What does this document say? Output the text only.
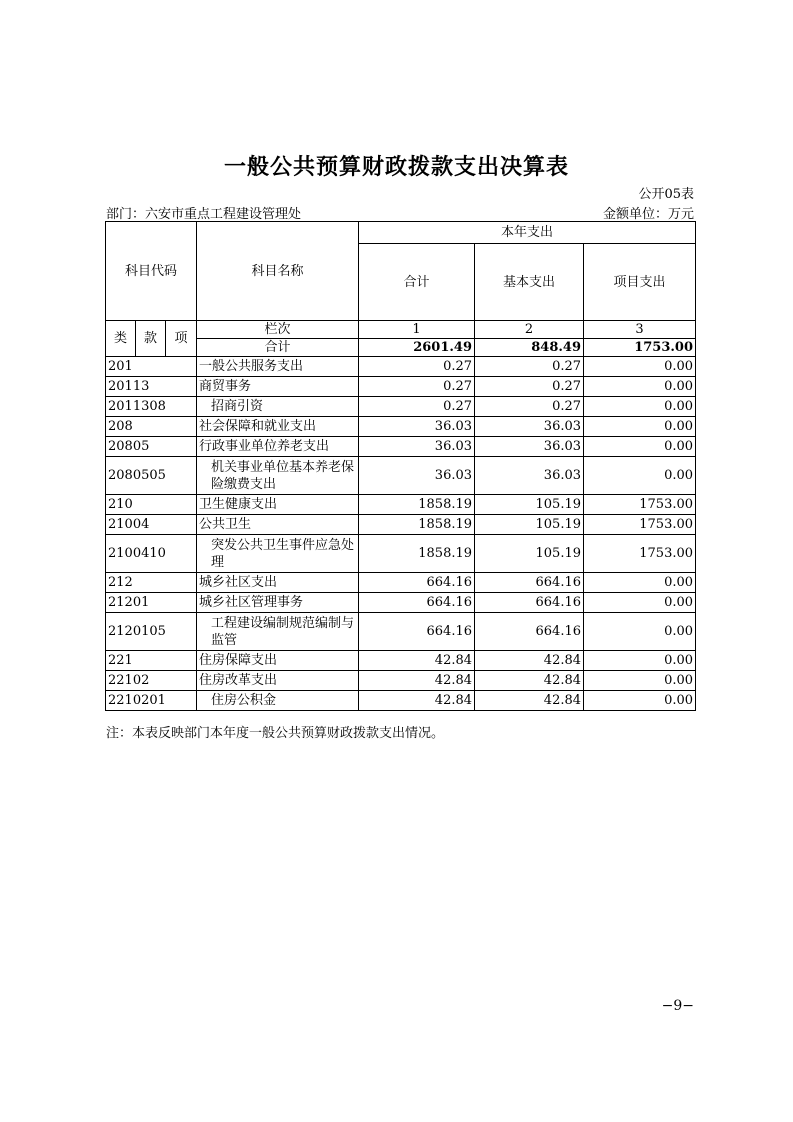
一般公共预算财政拨款支出决算表
公开05表
部门：六安市重点工程建设管理处	金额单位：万元
科目代码			科目名称	本年支出		
				合计	基本支出	项目支出
类	款	项	栏次	1	2	3
			合计	2601.49	848.49	1753.00
201			一般公共服务支出	0.27	0.27	0.00
20113			商贸事务	0.27	0.27	0.00
2011308			招商引资	0.27	0.27	0.00
208			社会保障和就业支出	36.03	36.03	0.00
20805			行政事业单位养老支出	36.03	36.03	0.00
2080505			机关事业单位基本养老保险缴费支出	36.03	36.03	0.00
210			卫生健康支出	1858.19	105.19	1753.00
21004			公共卫生	1858.19	105.19	1753.00
2100410			突发公共卫生事件应急处理	1858.19	105.19	1753.00
212			城乡社区支出	664.16	664.16	0.00
21201			城乡社区管理事务	664.16	664.16	0.00
2120105			工程建设编制规范编制与监管	664.16	664.16	0.00
221			住房保障支出	42.84	42.84	0.00
22102			住房改革支出	42.84	42.84	0.00
2210201			住房公积金	42.84	42.84	0.00
注：本表反映部门本年度一般公共预算财政拨款支出情况。
−9−
